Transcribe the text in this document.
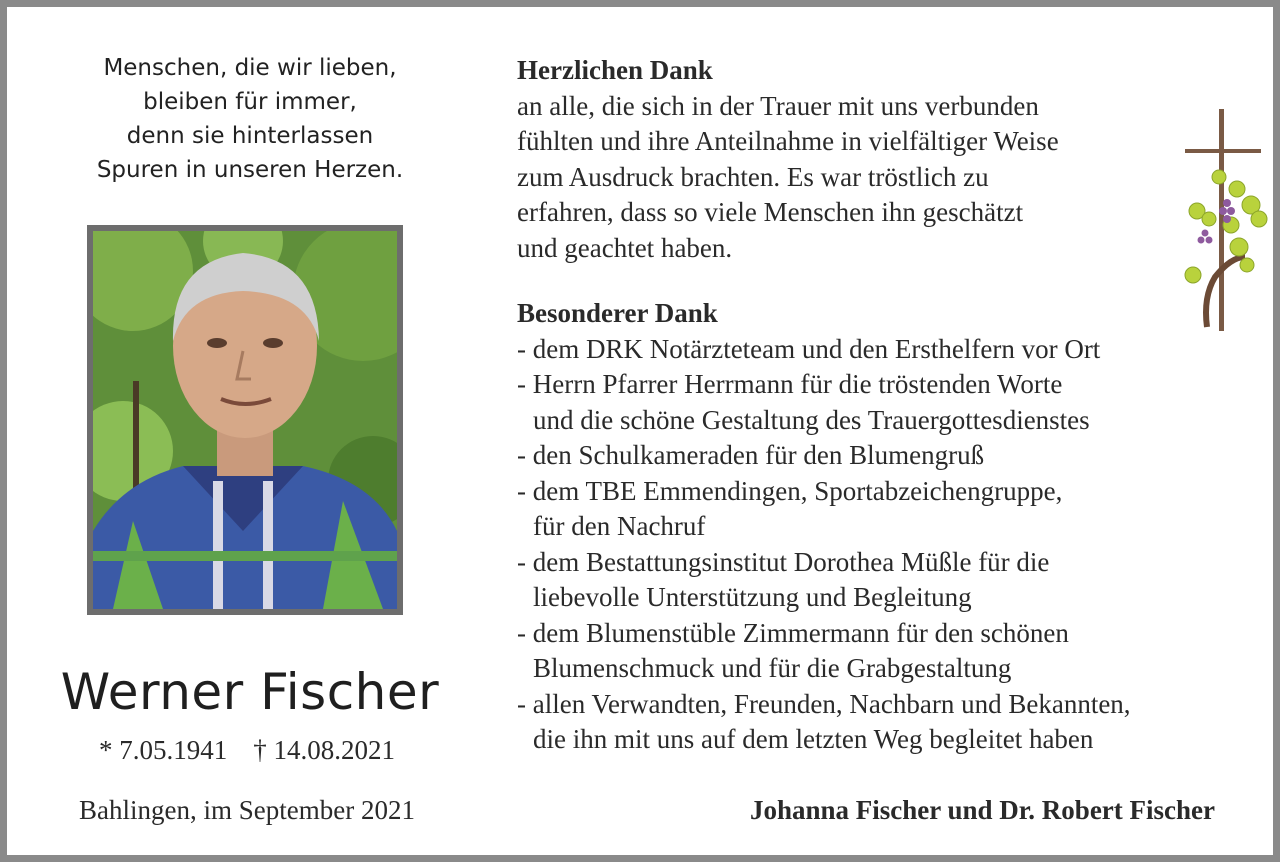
Menschen, die wir lieben,
bleiben für immer,
denn sie hinterlassen
Spuren in unseren Herzen.
Werner Fischer
* 7.05.1941 † 14.08.2021
Bahlingen, im September 2021
Herzlichen Dank
an alle, die sich in der Trauer mit uns verbunden
fühlten und ihre Anteilnahme in vielfältiger Weise
zum Ausdruck brachten. Es war tröstlich zu
erfahren, dass so viele Menschen ihn geschätzt
und geachtet haben.
Besonderer Dank
- dem DRK Notärzteteam und den Ersthelfern vor Ort
- Herrn Pfarrer Herrmann für die tröstenden Worte
und die schöne Gestaltung des Trauergottesdienstes
- den Schulkameraden für den Blumengruß
- dem TBE Emmendingen, Sportabzeichengruppe,
für den Nachruf
- dem Bestattungsinstitut Dorothea Müßle für die
liebevolle Unterstützung und Begleitung
- dem Blumenstüble Zimmermann für den schönen
Blumenschmuck und für die Grabgestaltung
- allen Verwandten, Freunden, Nachbarn und Bekannten,
die ihn mit uns auf dem letzten Weg begleitet haben
Johanna Fischer und Dr. Robert Fischer
